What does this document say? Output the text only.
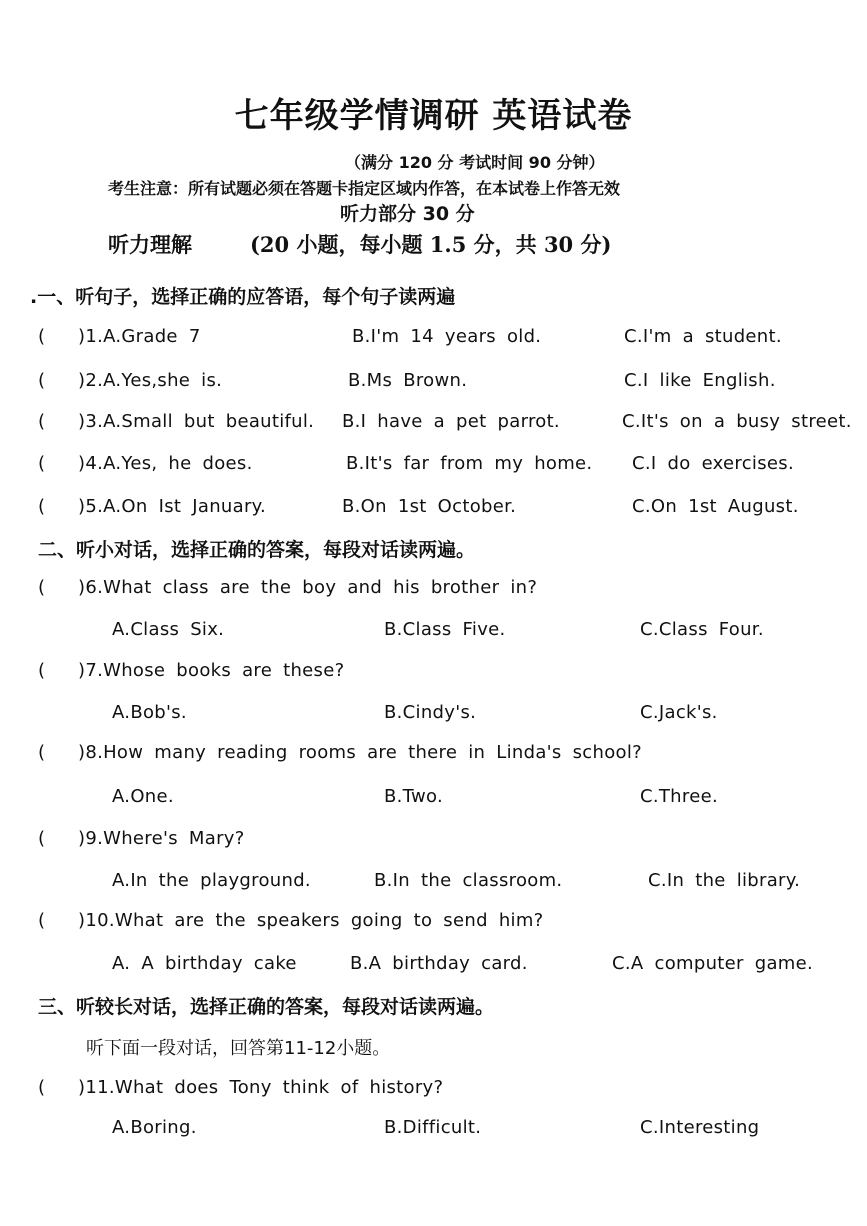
七年级学情调研 英语试卷
（满分 120 分 考试时间 90 分钟）
考生注意：所有试题必须在答题卡指定区域内作答，在本试卷上作答无效
听力部分 30 分
听力理解	(20 小题，每小题 1.5 分，共 30 分)
.一、听句子，选择正确的应答语，每个句子读两遍
( )1.A.Grade 7	B.I'm 14 years old.	C.I'm a student.
( )2.A.Yes,she is.	B.Ms Brown.	C.I like English.
( )3.A.Small but beautiful. B.I have a pet parrot.	C.It's on a busy street.
( )4.A.Yes, he does.	B.It's far from my home. C.I do exercises.
( )5.A.On Ist January.	B.On 1st October.	C.On 1st August.
二、听小对话，选择正确的答案，每段对话读两遍。
( )6.What class are the boy and his brother in?
A.Class Six.	B.Class Five.	C.Class Four.
( )7.Whose books are these?
A.Bob's.	B.Cindy's.	C.Jack's.
( )8.How many reading rooms are there in Linda's school?
A.One.	B.Two.	C.Three.
( )9.Where's Mary?
A.In the playground.	B.In the classroom.	C.In the library.
( )10.What are the speakers going to send him?
A. A birthday cake	B.A birthday card.	C.A computer game.
三、听较长对话，选择正确的答案，每段对话读两遍。
听下面一段对话，回答第11-12小题。
( )11.What does Tony think of history?
A.Boring.	B.Difficult.	C.Interesting
